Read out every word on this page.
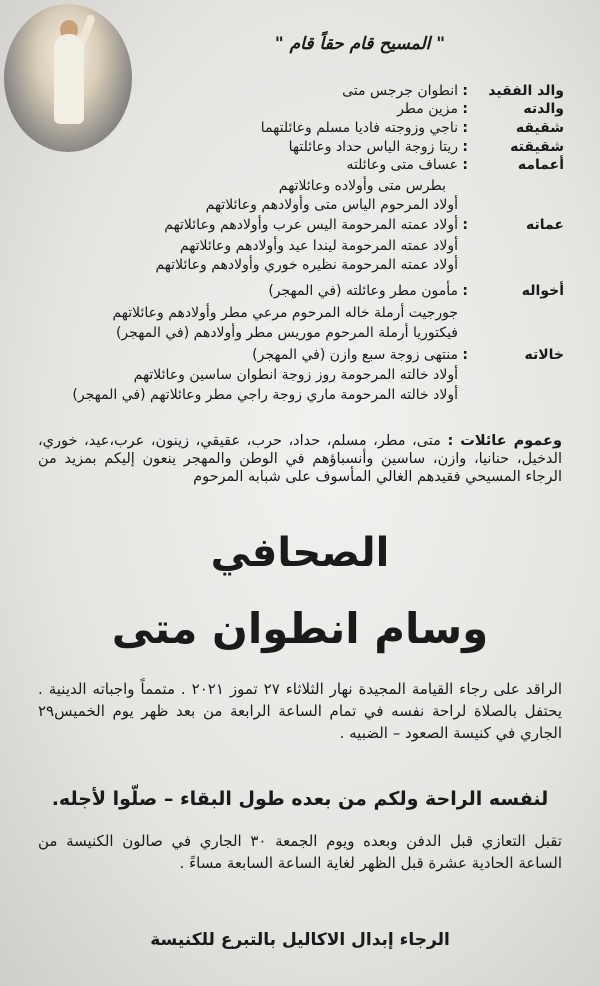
" المسيح قام حقاً قام "
والد الفقيد
:
انطوان جرجس متى
والدته
:
مزين مطر
شقيقه
:
ناجي وزوجته فاديا مسلم وعائلتهما
شقيقته
:
ريتا زوجة الياس حداد وعائلتها
أعمامه
:
عساف متى وعائلته
بطرس متى وأولاده وعائلاتهم
أولاد المرحوم الياس متى وأولادهم وعائلاتهم
عماته
:
أولاد عمته المرحومة اليس عرب وأولادهم وعائلاتهم
أولاد عمته المرحومة ليندا عيد وأولادهم وعائلاتهم
أولاد عمته المرحومة نظيره خوري وأولادهم وعائلاتهم
أخواله
:
مأمون مطر وعائلته (في المهجر)
جورجيت أرملة خاله المرحوم مرعي مطر وأولادهم وعائلاتهم
فيكتوريا أرملة المرحوم موريس مطر وأولادهم (في المهجر)
خالاته
:
منتهى زوجة سبع وازن (في المهجر)
أولاد خالته المرحومة روز زوجة انطوان ساسين وعائلاتهم
أولاد خالته المرحومة ماري زوجة راجي مطر وعائلاتهم (في المهجر)
وعموم عائلات : متى، مطر، مسلم، حداد، حرب، عقيقي، زينون، عرب،عيد، خوري، الدخيل، حنانيا، وازن، ساسين وأنسباؤهم في الوطن والمهجر ينعون إليكم بمزيد من الرجاء المسيحي فقيدهم الغالي المأسوف على شبابه المرحوم
الصحافي
وسام انطوان متى
الراقد على رجاء القيامة المجيدة نهار الثلاثاء ٢٧ تموز ٢٠٢١ . متمماً واجباته الدينية . يحتفل بالصلاة لراحة نفسه في تمام الساعة الرابعة من بعد ظهر يوم الخميس٢٩ الجاري في كنيسة الصعود – الضبيه .
لنفسه الراحة ولكم من بعده طول البقاء – صلّوا لأجله.
تقبل التعازي قبل الدفن وبعده ويوم الجمعة ٣٠ الجاري في صالون الكنيسة من الساعة الحادية عشرة قبل الظهر لغاية الساعة السابعة مساءً .
الرجاء إبدال الاكاليل بالتبرع للكنيسة
